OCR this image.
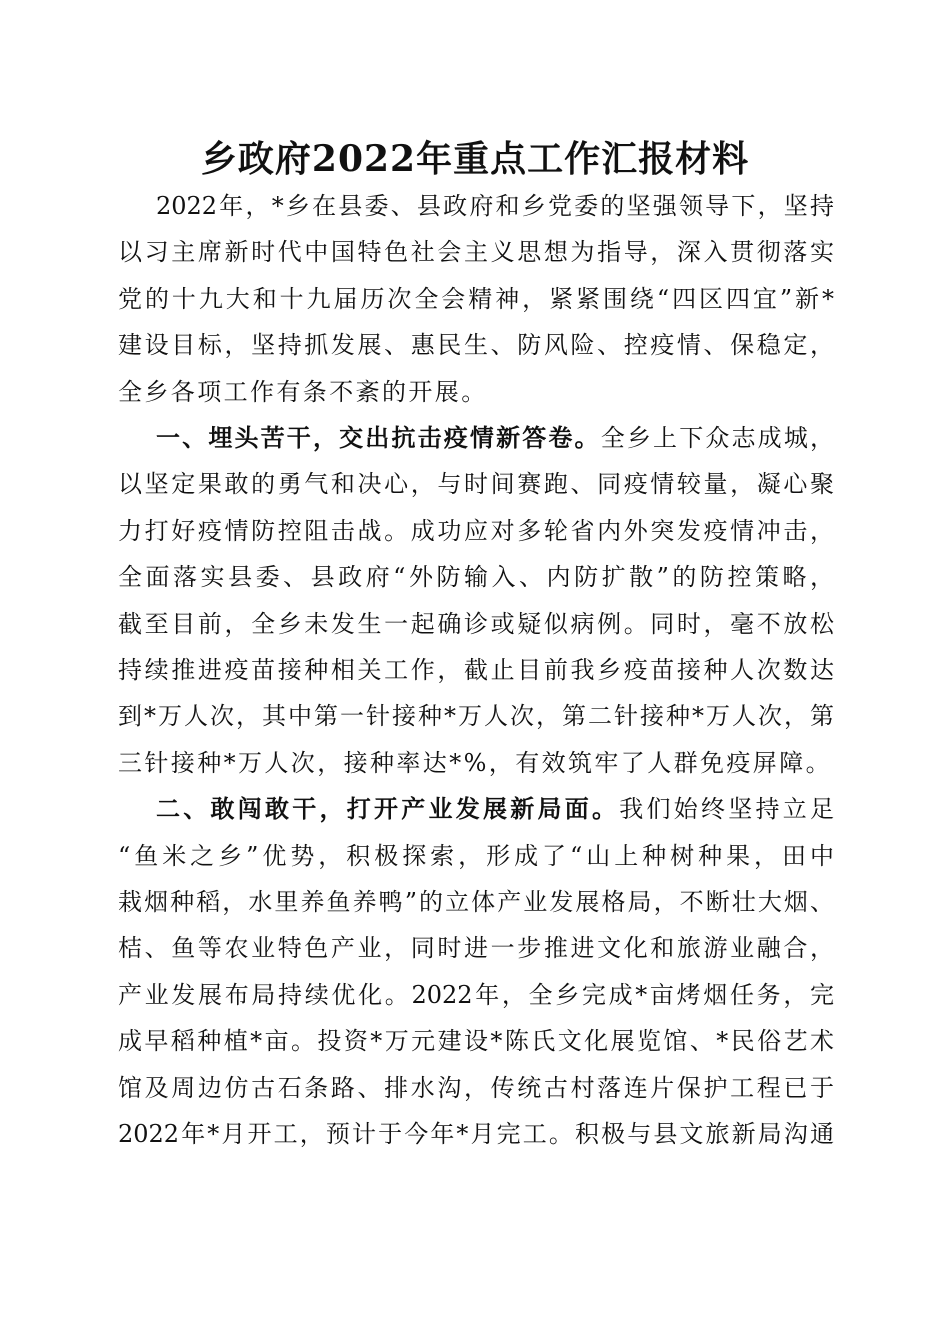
乡政府2022年重点工作汇报材料
2022年，*乡在县委、县政府和乡党委的坚强领导下，坚持
以习主席新时代中国特色社会主义思想为指导，深入贯彻落实
党的十九大和十九届历次全会精神，紧紧围绕“四区四宜”新*
建设目标，坚持抓发展、惠民生、防风险、控疫情、保稳定，
全乡各项工作有条不紊的开展。
一、埋头苦干，交出抗击疫情新答卷。全乡上下众志成城，
以坚定果敢的勇气和决心，与时间赛跑、同疫情较量，凝心聚
力打好疫情防控阻击战。成功应对多轮省内外突发疫情冲击，
全面落实县委、县政府“外防输入、内防扩散”的防控策略，
截至目前，全乡未发生一起确诊或疑似病例。同时，毫不放松
持续推进疫苗接种相关工作，截止目前我乡疫苗接种人次数达
到*万人次，其中第一针接种*万人次，第二针接种*万人次，第
三针接种*万人次，接种率达*%，有效筑牢了人群免疫屏障。
二、敢闯敢干，打开产业发展新局面。我们始终坚持立足
“鱼米之乡”优势，积极探索，形成了“山上种树种果，田中
栽烟种稻，水里养鱼养鸭”的立体产业发展格局，不断壮大烟、
桔、鱼等农业特色产业，同时进一步推进文化和旅游业融合，
产业发展布局持续优化。2022年，全乡完成*亩烤烟任务，完
成早稻种植*亩。投资*万元建设*陈氏文化展览馆、*民俗艺术
馆及周边仿古石条路、排水沟，传统古村落连片保护工程已于
2022年*月开工，预计于今年*月完工。积极与县文旅新局沟通
